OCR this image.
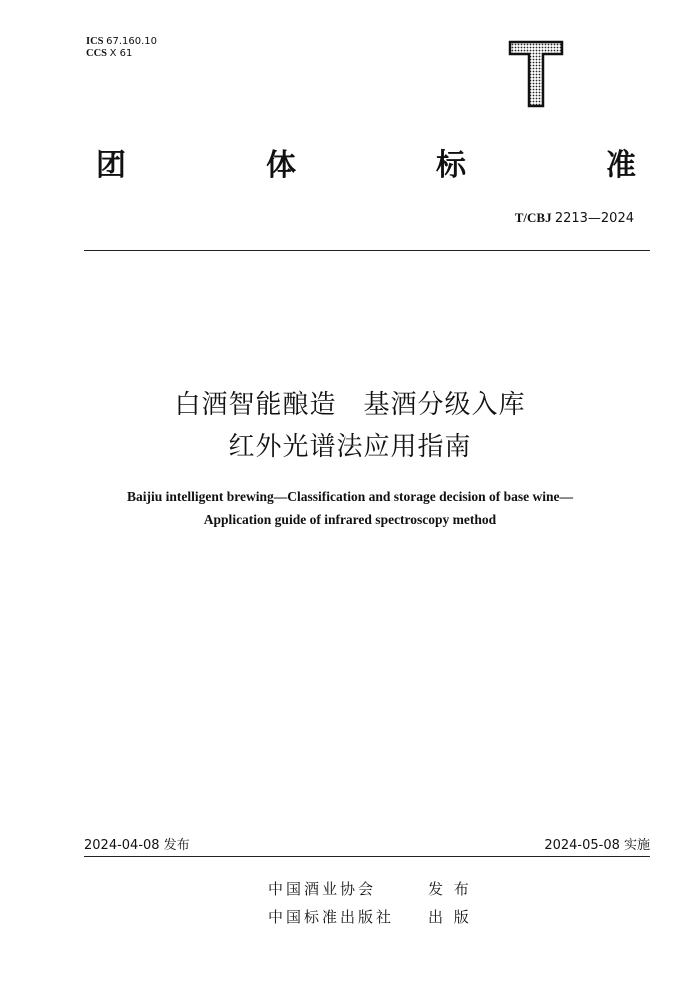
ICS 67.160.10
CCS X 61
团	体	标	准
T/CBJ 2213—2024
白酒智能酿造　基酒分级入库
红外光谱法应用指南
Baijiu intelligent brewing—Classification and storage decision of base wine—
Application guide of infrared spectroscopy method
2024-04-08 发布	2024-05-08 实施
中国酒业协会	发 布
中国标准出版社 出 版
